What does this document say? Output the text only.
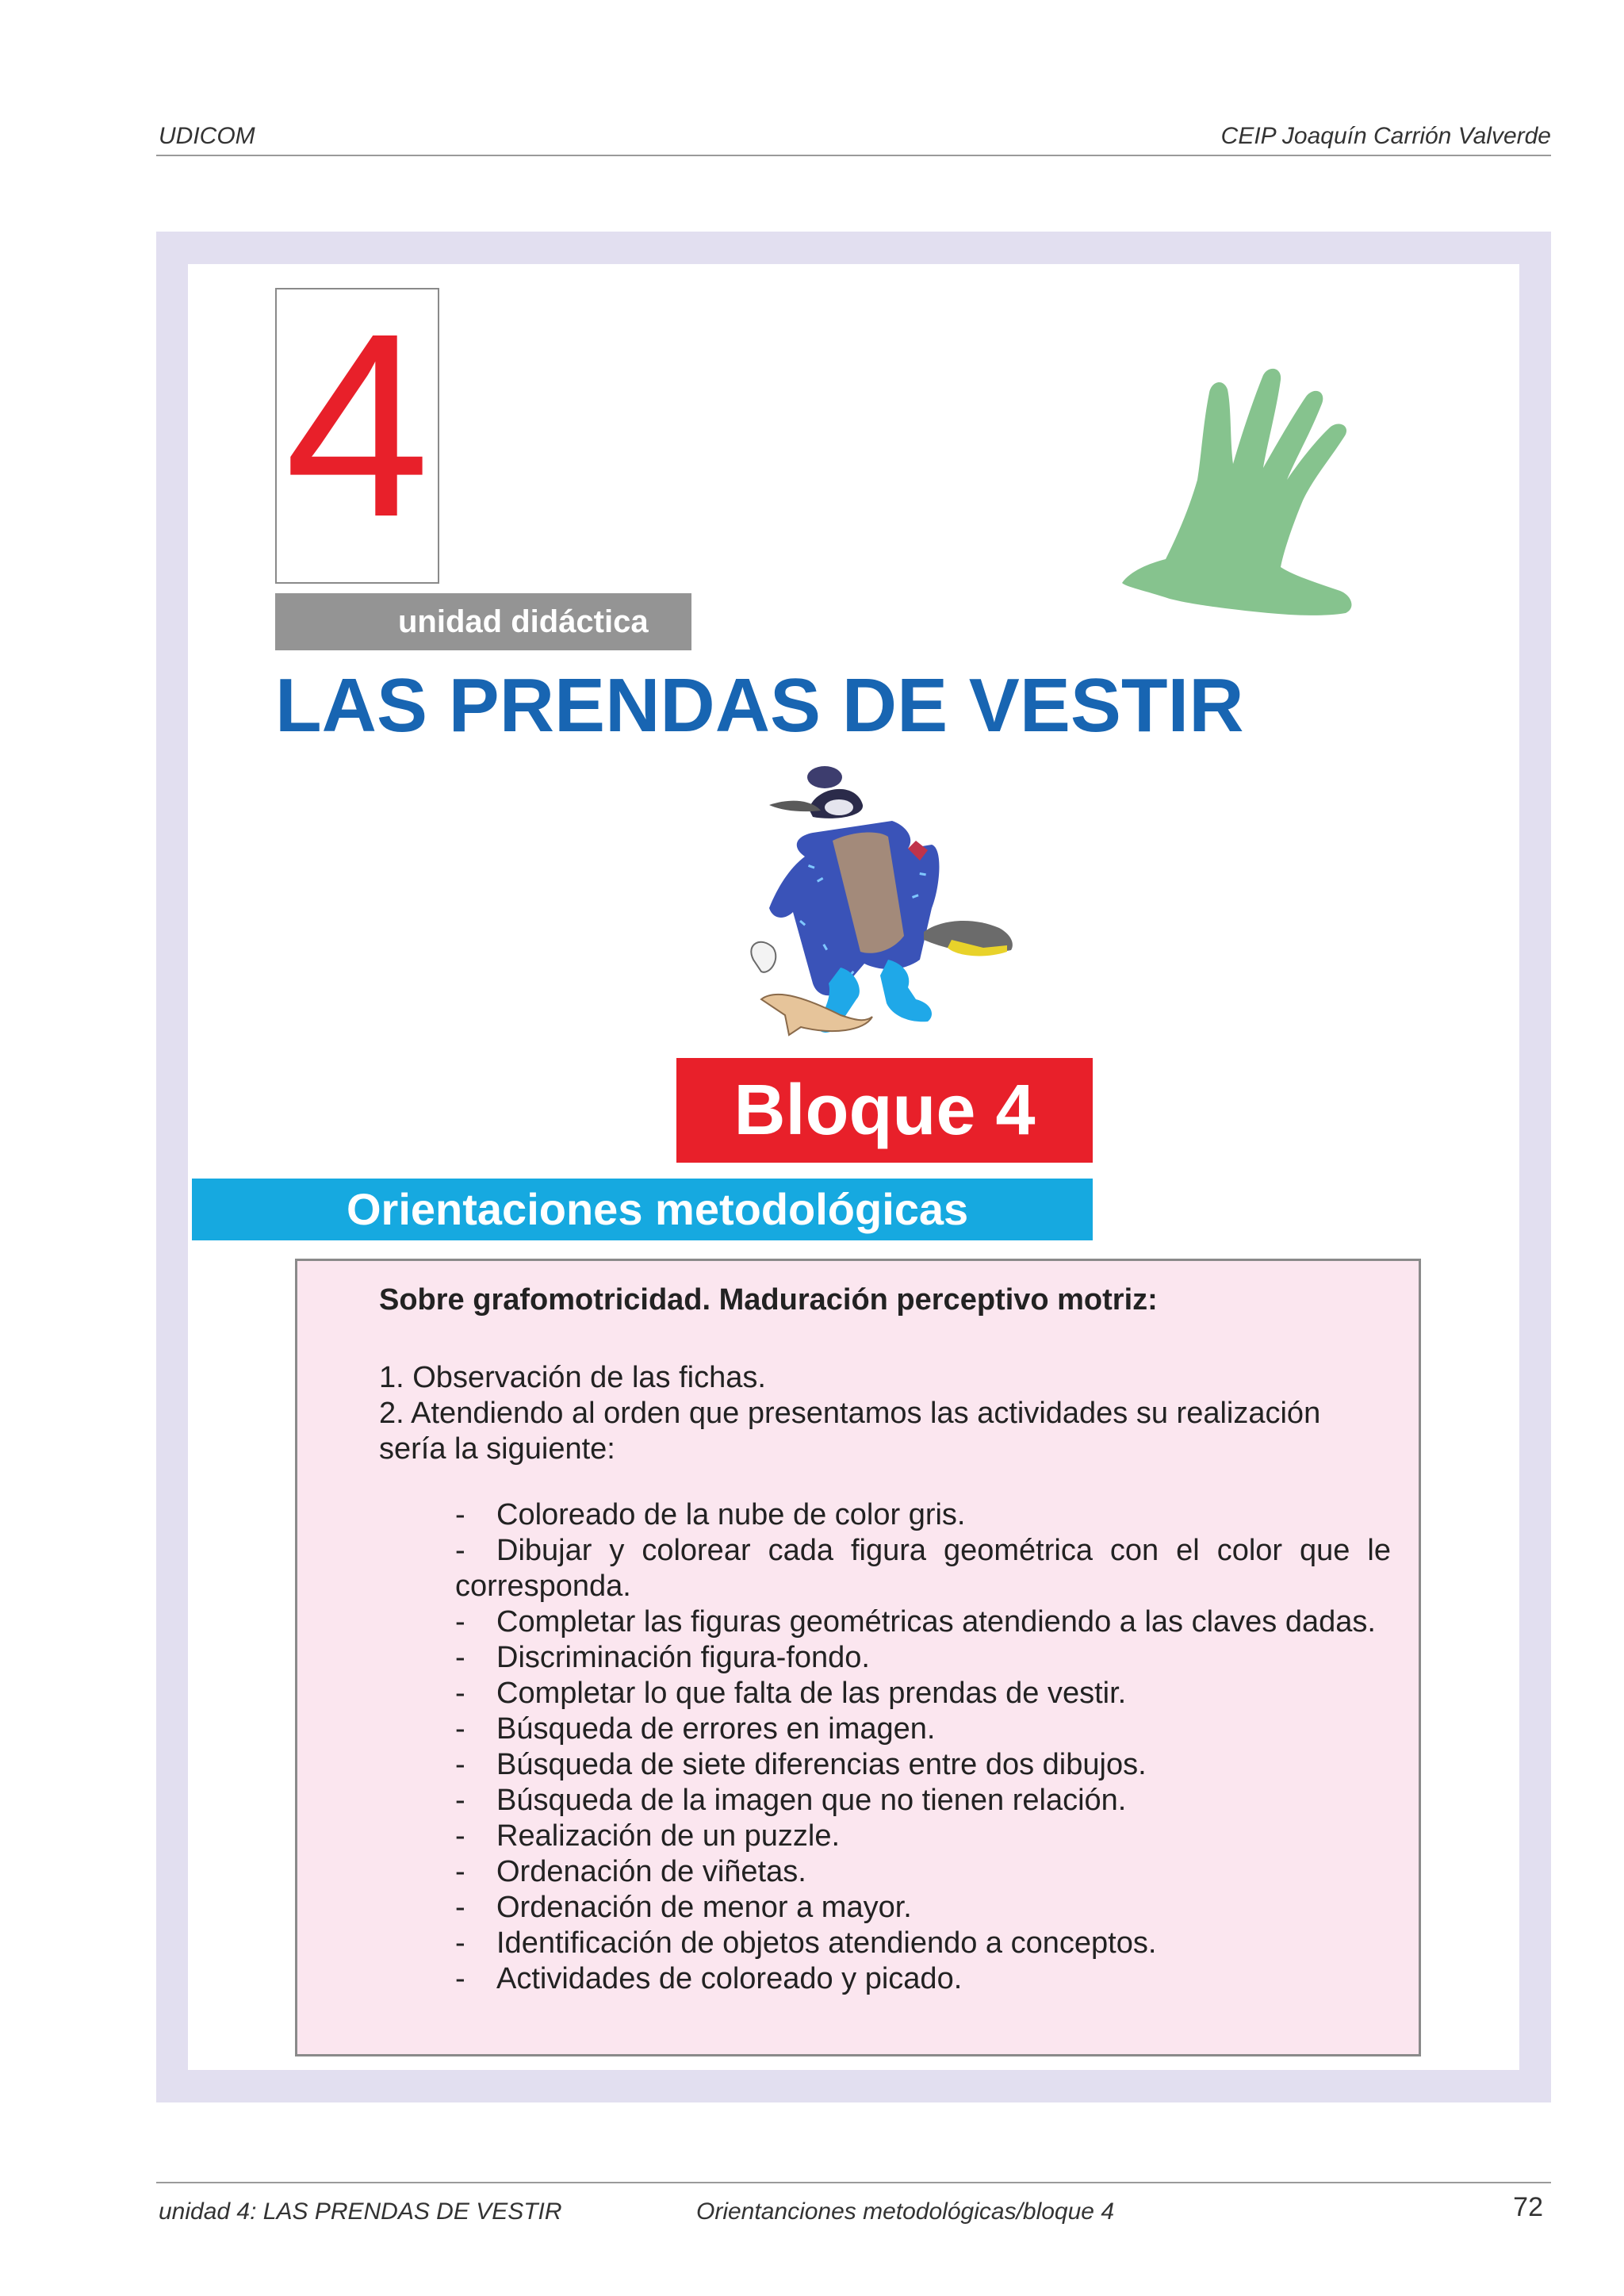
UDICOM	CEIP Joaquín Carrión Valverde
4
unidad didáctica
LAS PRENDAS DE VESTIR
Bloque 4
Orientaciones metodológicas
Sobre grafomotricidad. Maduración perceptivo motriz:
1. Observación de las fichas.
2. Atendiendo al orden que presentamos las actividades su realización sería la siguiente:
-	Coloreado de la nube de color gris.
- Dibujar y colorear cada figura geométrica con el color que le corresponda.
- Completar las figuras geométricas atendiendo a las claves dadas.
-	Discriminación figura-fondo.
-	Completar lo que falta de las prendas de vestir.
-	Búsqueda de errores en imagen.
-	Búsqueda de siete diferencias entre dos dibujos.
-	Búsqueda de la imagen que no tienen relación.
-	Realización de un puzzle.
-	Ordenación de viñetas.
-	Ordenación de menor a mayor.
-	Identificación de objetos atendiendo a conceptos.
-	Actividades de coloreado y picado.
unidad 4: LAS PRENDAS DE VESTIR	Orientanciones metodológicas/bloque 4	72
